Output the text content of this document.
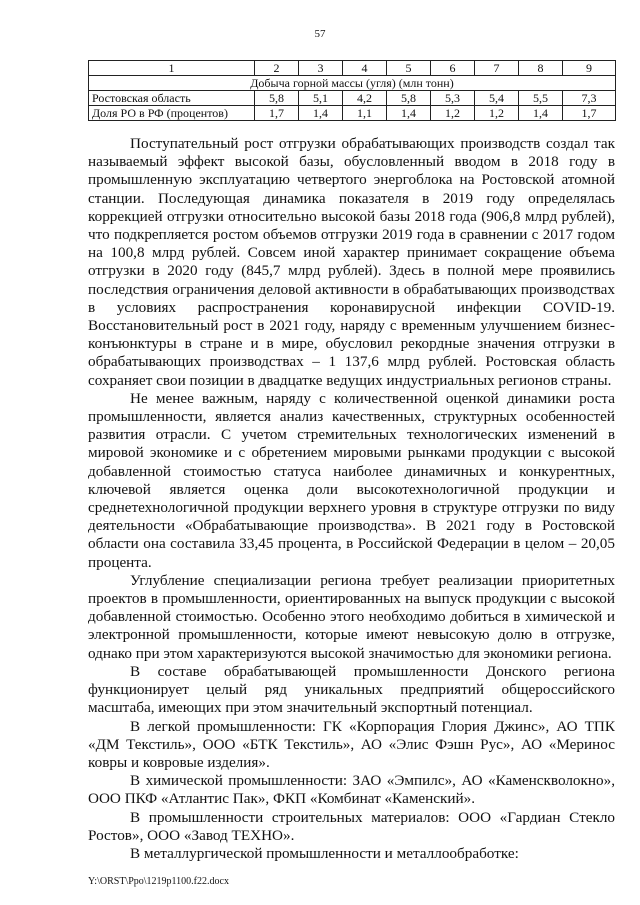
57
1	2	3	4	5	6	7	8	9
Добыча горной массы (угля) (млн тонн)								
Ростовская область	5,8	5,1	4,2	5,8	5,3	5,4	5,5	7,3
Доля РО в РФ (процентов)	1,7	1,4	1,1	1,4	1,2	1,2	1,4	1,7

Поступательный рост отгрузки обрабатывающих производств создал так называемый эффект высокой базы, обусловленный вводом в 2018 году в промышленную эксплуатацию четвертого энергоблока на Ростовской атомной станции. Последующая динамика показателя в 2019 году определялась коррекцией отгрузки относительно высокой базы 2018 года (906,8 млрд рублей), что подкрепляется ростом объемов отгрузки 2019 года в сравнении с 2017 годом на 100,8 млрд рублей. Совсем иной характер принимает сокращение объема отгрузки в 2020 году (845,7 млрд рублей). Здесь в полной мере проявились последствия ограничения деловой активности в обрабатывающих производствах в условиях распространения коронавирусной инфекции COVID-19. Восстановительный рост в 2021 году, наряду с временным улучшением бизнес-конъюнктуры в стране и в мире, обусловил рекордные значения отгрузки в обрабатывающих производствах – 1 137,6 млрд рублей. Ростовская область сохраняет свои позиции в двадцатке ведущих индустриальных регионов страны.

Не менее важным, наряду с количественной оценкой динамики роста промышленности, является анализ качественных, структурных особенностей развития отрасли. С учетом стремительных технологических изменений в мировой экономике и с обретением мировыми рынками продукции с высокой добавленной стоимостью статуса наиболее динамичных и конкурентных, ключевой является оценка доли высокотехнологичной продукции и среднетехнологичной продукции верхнего уровня в структуре отгрузки по виду деятельности «Обрабатывающие производства». В 2021 году в Ростовской области она составила 33,45 процента, в Российской Федерации в целом – 20,05 процента.

Углубление специализации региона требует реализации приоритетных проектов в промышленности, ориентированных на выпуск продукции с высокой добавленной стоимостью. Особенно этого необходимо добиться в химической и электронной промышленности, которые имеют невысокую долю в отгрузке, однако при этом характеризуются высокой значимостью для экономики региона.

В составе обрабатывающей промышленности Донского региона функционирует целый ряд уникальных предприятий общероссийского масштаба, имеющих при этом значительный экспортный потенциал.

В легкой промышленности: ГК «Корпорация Глория Джинс», АО ТПК «ДМ Текстиль», ООО «БТК Текстиль», АО «Элис Фэшн Рус», АО «Меринос ковры и ковровые изделия».

В химической промышленности: ЗАО «Эмпилс», АО «Каменскволокно», ООО ПКФ «Атлантис Пак», ФКП «Комбинат «Каменский».

В промышленности строительных материалов: ООО «Гардиан Стекло Ростов», ООО «Завод ТЕХНО».

В металлургической промышленности и металлообработке:

Y:\ORST\Ppo\1219p1100.f22.docx
